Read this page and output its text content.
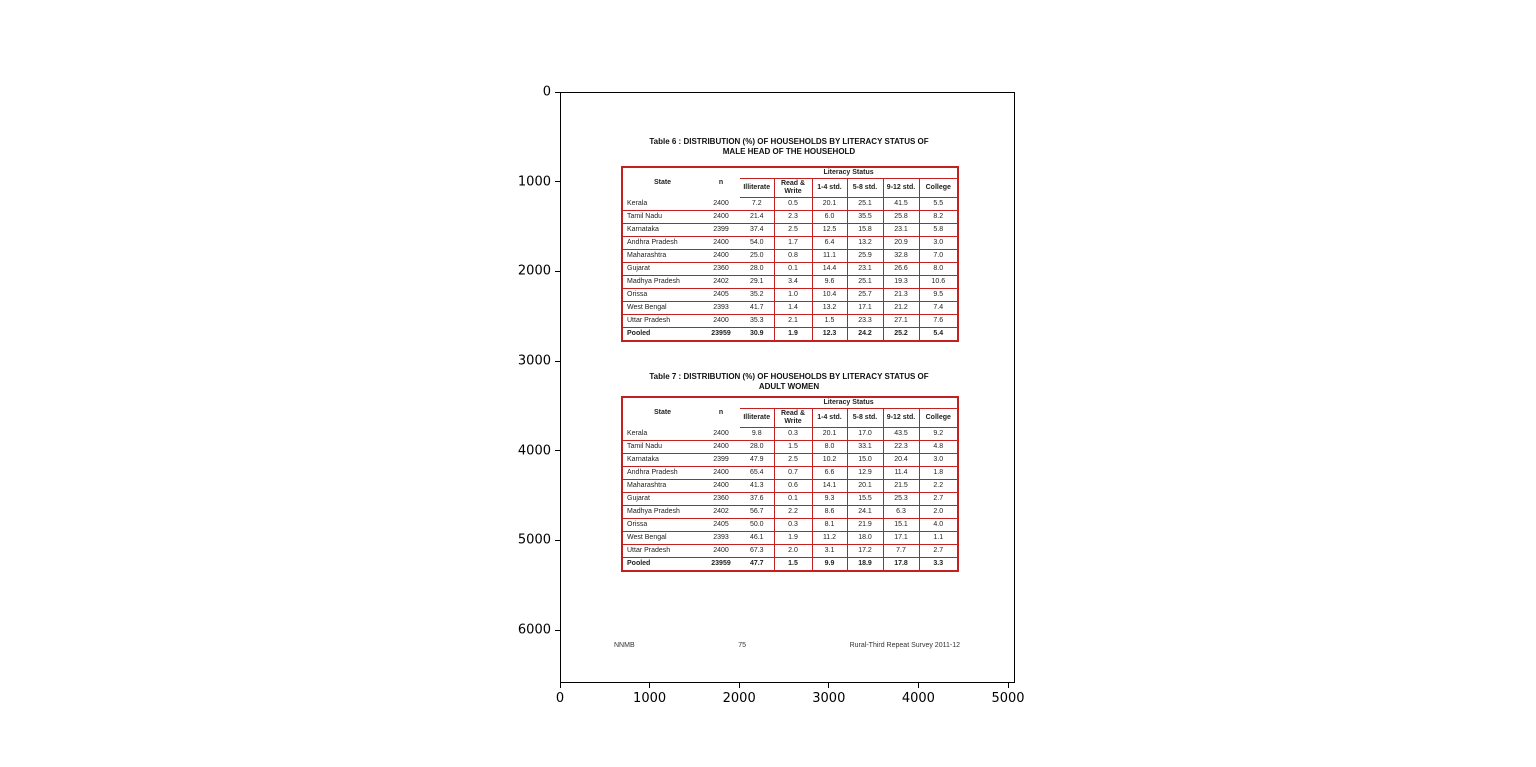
Table 6 : DISTRIBUTION (%) OF HOUSEHOLDS BY LITERACY STATUS OF
MALE HEAD OF THE HOUSEHOLD
State	n	Literacy Status					
		Illiterate	Read & Write	1-4 std.	5-8 std.	9-12 std.	College
Kerala	2400	7.2	0.5	20.1	25.1	41.5	5.5
Tamil Nadu	2400	21.4	2.3	6.0	35.5	25.8	8.2
Karnataka	2399	37.4	2.5	12.5	15.8	23.1	5.8
Andhra Pradesh	2400	54.0	1.7	6.4	13.2	20.9	3.0
Maharashtra	2400	25.0	0.8	11.1	25.9	32.8	7.0
Gujarat	2360	28.0	0.1	14.4	23.1	26.6	8.0
Madhya Pradesh	2402	29.1	3.4	9.6	25.1	19.3	10.6
Orissa	2405	35.2	1.0	10.4	25.7	21.3	9.5
West Bengal	2393	41.7	1.4	13.2	17.1	21.2	7.4
Uttar Pradesh	2400	35.3	2.1	1.5	23.3	27.1	7.6
Pooled	23959	30.9	1.9	12.3	24.2	25.2	5.4
Table 7 : DISTRIBUTION (%) OF HOUSEHOLDS BY LITERACY STATUS OF
ADULT WOMEN
State	n	Literacy Status					
		Illiterate	Read & Write	1-4 std.	5-8 std.	9-12 std.	College
Kerala	2400	9.8	0.3	20.1	17.0	43.5	9.2
Tamil Nadu	2400	28.0	1.5	8.0	33.1	22.3	4.8
Karnataka	2399	47.9	2.5	10.2	15.0	20.4	3.0
Andhra Pradesh	2400	65.4	0.7	6.6	12.9	11.4	1.8
Maharashtra	2400	41.3	0.6	14.1	20.1	21.5	2.2
Gujarat	2360	37.6	0.1	9.3	15.5	25.3	2.7
Madhya Pradesh	2402	56.7	2.2	8.6	24.1	6.3	2.0
Orissa	2405	50.0	0.3	8.1	21.9	15.1	4.0
West Bengal	2393	46.1	1.9	11.2	18.0	17.1	1.1
Uttar Pradesh	2400	67.3	2.0	3.1	17.2	7.7	2.7
Pooled	23959	47.7	1.5	9.9	18.9	17.8	3.3
NNMB	75	Rural-Third Repeat Survey 2011-12
0
1000
2000
3000
4000
5000
6000
0	1000	2000	3000	4000	5000
